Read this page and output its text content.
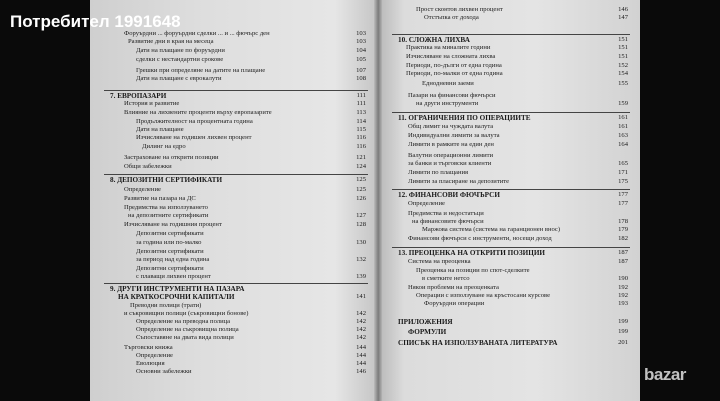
Форуърдни ... форуърдни сделки ... и ... фючърс ден	103
Развитие дни в края на месеца	103
Дати на плащане по форуърдни	104
сделки с нестандартни срокове	105
Грешки при определяне на датите на плащане	107
Дати на плащане с еврокалути	108
7. ЕВРОПАЗАРИ	111
История и развитие	111
Влияние на лихвените проценти върху европазарите	113
Продължителност на процентната година	114
Дати на плащане	115
Изчисляване на годишен лихвен процент	116
Дилинг на едро	116
Застраховане на открити позиции	121
Общи забележки	124
8. ДЕПОЗИТНИ СЕРТИФИКАТИ	125
Определение	125
Развитие на пазара на ДС	126
Предимства на използуването
на депозитните сертификати	127
Изчисляване на годишния процент	128
Депозитни сертификати
за година или по-малко	130
Депозитни сертификати
за период над една година	132
Депозитни сертификати
с плаващи лихвен процент	139
9. ДРУГИ ИНСТРУМЕНТИ НА ПАЗАРА
НА КРАТКОСРОЧНИ КАПИТАЛИ	141
Преводни полици (трати)
и съкровищни полици (съкровищни бонове)	142
Определение на преводна полица	142
Определение на съкровищна полица	142
Съпоставяне на двата вида полици	142
Търговски книжа	144
Определение	144
Еволюция	144
Основни забележки	146
Прост сконтов лихвен процент	146
Отстъпка от дохода	147
10. СЛОЖНА ЛИХВА	151
Практика на миналите години	151
Изчисляване на сложната лихва	151
Периоди, по-дълги от една година	152
Периоди, по-малки от една година	154
Еднодневни заеми	155
Пазари на финансови фючърси
на други инструменти	159
11. ОГРАНИЧЕНИЯ ПО ОПЕРАЦИИТЕ	161
Общ лимит на чуждата валута	161
Индивидуални лимити за валута	163
Лимити в рамките на един ден	164
Валутни операционни лимити
за банки и търговски клиенти	165
Лимити по плащания	171
Лимити за пласиране на депозитите	175
12. ФИНАНСОВИ ФЮЧЪРСИ	177
Определение	177
Предимства и недостатъци
на финансовите фючърси	178
Маржова система (система на гаранционен внос)	179
Финансови фючърси с инструменти, носещи доход	182
13. ПРЕОЦЕНКА НА ОТКРИТИ ПОЗИЦИИ	187
Система на преоценка	187
Преоценка на позиции по спот-сделките
в сметките нетсо	190
Някои проблеми на преоценката	192
Операции с използуване на кръстосани курсове	192
Форуърдни операции	193
ПРИЛОЖЕНИЯ	199
ФОРМУЛИ	199
СПИСЪК НА ИЗПОЛЗУВАНАТА ЛИТЕРАТУРА	201
Потребител 1991648
bazar
